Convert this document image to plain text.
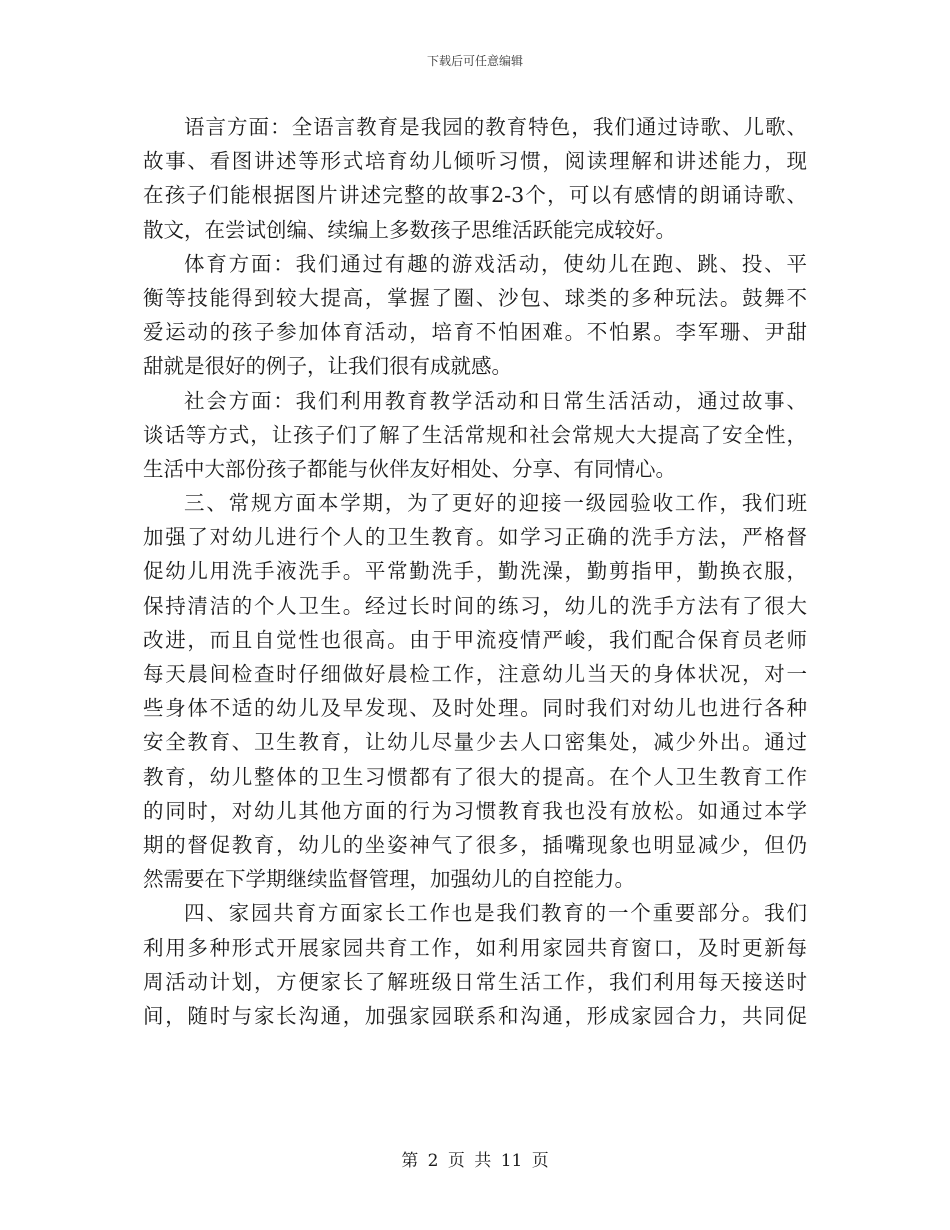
下载后可任意编辑
语言方面：全语言教育是我园的教育特色，我们通过诗歌、儿歌、
故事、看图讲述等形式培育幼儿倾听习惯，阅读理解和讲述能力，现
在孩子们能根据图片讲述完整的故事2-3个，可以有感情的朗诵诗歌、
散文，在尝试创编、续编上多数孩子思维活跃能完成较好。
体育方面：我们通过有趣的游戏活动，使幼儿在跑、跳、投、平
衡等技能得到较大提高，掌握了圈、沙包、球类的多种玩法。鼓舞不
爱运动的孩子参加体育活动，培育不怕困难。不怕累。李军珊、尹甜
甜就是很好的例子，让我们很有成就感。
社会方面：我们利用教育教学活动和日常生活活动，通过故事、
谈话等方式，让孩子们了解了生活常规和社会常规大大提高了安全性，
生活中大部份孩子都能与伙伴友好相处、分享、有同情心。
三、常规方面本学期，为了更好的迎接一级园验收工作，我们班
加强了对幼儿进行个人的卫生教育。如学习正确的洗手方法，严格督
促幼儿用洗手液洗手。平常勤洗手，勤洗澡，勤剪指甲，勤换衣服，
保持清洁的个人卫生。经过长时间的练习，幼儿的洗手方法有了很大
改进，而且自觉性也很高。由于甲流疫情严峻，我们配合保育员老师
每天晨间检查时仔细做好晨检工作，注意幼儿当天的身体状况，对一
些身体不适的幼儿及早发现、及时处理。同时我们对幼儿也进行各种
安全教育、卫生教育，让幼儿尽量少去人口密集处，减少外出。通过
教育，幼儿整体的卫生习惯都有了很大的提高。在个人卫生教育工作
的同时，对幼儿其他方面的行为习惯教育我也没有放松。如通过本学
期的督促教育，幼儿的坐姿神气了很多，插嘴现象也明显减少，但仍
然需要在下学期继续监督管理，加强幼儿的自控能力。
四、家园共育方面家长工作也是我们教育的一个重要部分。我们
利用多种形式开展家园共育工作，如利用家园共育窗口，及时更新每
周活动计划，方便家长了解班级日常生活工作，我们利用每天接送时
间，随时与家长沟通，加强家园联系和沟通，形成家园合力，共同促
第 2 页 共 11 页
